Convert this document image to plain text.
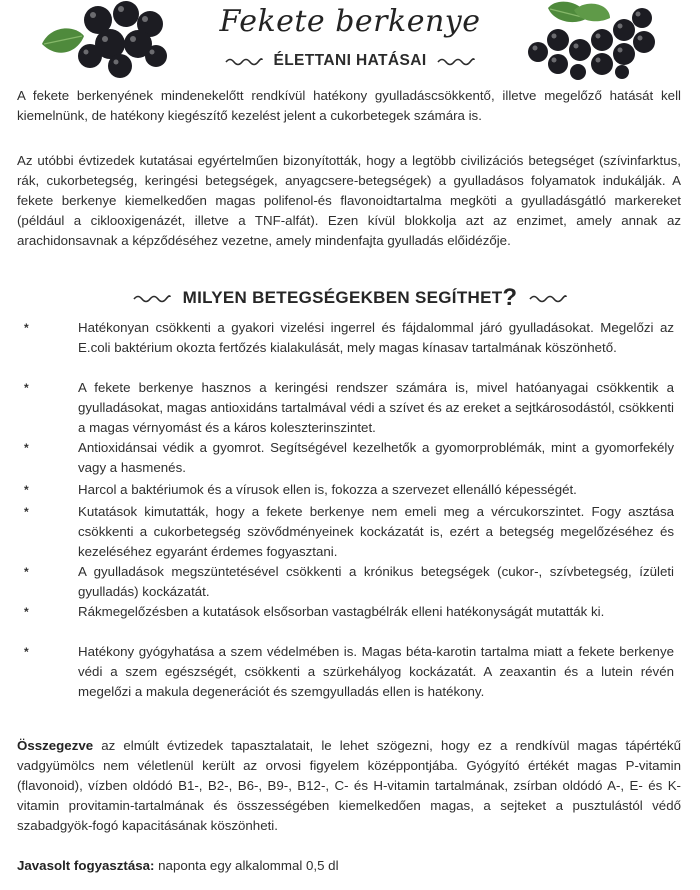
Fekete berkenye
ÉLETTANI HATÁSAI

A fekete berkenyének mindenekelőtt rendkívül hatékony gyulladáscsökkentő, illetve megelőző hatását kell kiemelnünk, de hatékony kiegészítő kezelést jelent a cukorbetegek számára is.

Az utóbbi évtizedek kutatásai egyértelműen bizonyították, hogy a legtöbb civilizációs betegséget (szívinfarktus, rák, cukorbetegség, keringési betegségek, anyagcsere-betegségek) a gyulladásos folyamatok indukálják. A fekete berkenye kiemelkedően magas polifenol-és flavonoidtartalma megköti a gyulladásgátló markereket (például a ciklooxigenázét, illetve a TNF-alfát). Ezen kívül blokkolja azt az enzimet, amely annak az arachidonsavnak a képződéséhez vezetne, amely mindenfajta gyulladás előidézője.

MILYEN BETEGSÉGEKBEN SEGÍTHET?
*	Hatékonyan csökkenti a gyakori vizelési ingerrel és fájdalommal járó gyulladásokat. Megelőzi az E.coli baktérium okozta fertőzés kialakulását, mely magas kínasav tartalmának köszönhető.

*	A fekete berkenye hasznos a keringési rendszer számára is, mivel hatóanyagai csökkentik a gyulladásokat, magas antioxidáns tartalmával védi a szívet és az ereket a sejtkárosodástól, csökkenti a magas vérnyomást és a káros koleszterinszintet.

*	Antioxidánsai védik a gyomrot. Segítségével kezelhetők a gyomorproblémák, mint a gyomorfekély vagy a hasmenés.

*	Harcol a baktériumok és a vírusok ellen is, fokozza a szervezet ellenálló képességét.

*	Kutatások kimutatták, hogy a fekete berkenye nem emeli meg a vércukorszintet. Fogy asztása csökkenti a cukorbetegség szövődményeinek kockázatát is, ezért a betegség megelőzéséhez és kezeléséhez egyaránt érdemes fogyasztani.

*	A gyulladások megszüntetésével csökkenti a krónikus betegségek (cukor-, szívbetegség, ízületi gyulladás) kockázatát.

*	Rákmegelőzésben a kutatások elsősorban vastagbélrák elleni hatékonyságát mutatták ki.

*	Hatékony gyógyhatása a szem védelmében is. Magas béta-karotin tartalma miatt a fekete berkenye védi a szem egészségét, csökkenti a szürkehályog kockázatát. A zeaxantin és a lutein révén megelőzi a makula degenerációt és szemgyulladás ellen is hatékony.

Összegezve az elmúlt évtizedek tapasztalatait, le lehet szögezni, hogy ez a rendkívül magas tápértékű vadgyümölcs nem véletlenül került az orvosi figyelem középpontjába. Gyógyító értékét magas P-vitamin (flavonoid), vízben oldódó B1-, B2-, B6-, B9-, B12-, C- és H-vitamin tartalmának, zsírban oldódó A-, E- és K-vitamin provitamin-tartalmának és összességében kiemelkedően magas, a sejteket a pusztulástól védő szabadgyök-fogó kapacitásának köszönheti.

Javasolt fogyasztása: naponta egy alkalommal 0,5 dl
